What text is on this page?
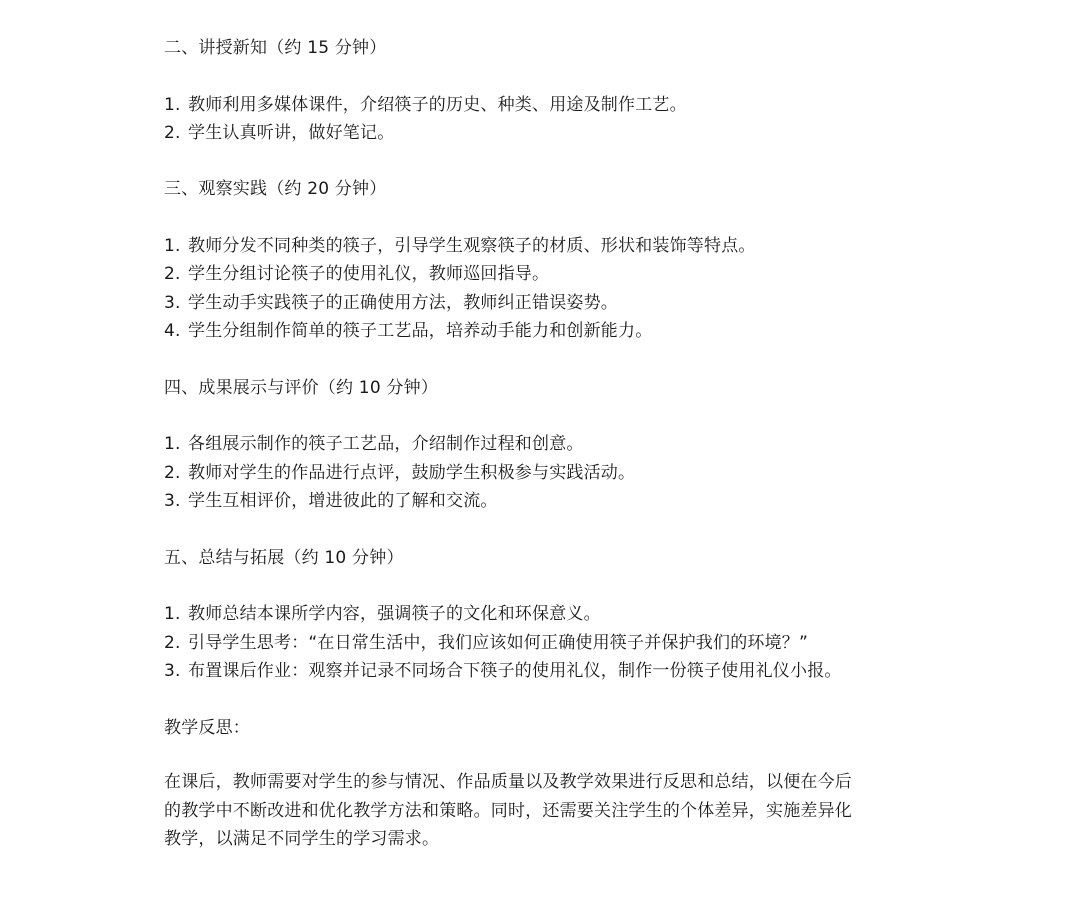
二、讲授新知（约 15 分钟）
1. 教师利用多媒体课件，介绍筷子的历史、种类、用途及制作工艺。
2. 学生认真听讲，做好笔记。
三、观察实践（约 20 分钟）
1. 教师分发不同种类的筷子，引导学生观察筷子的材质、形状和装饰等特点。
2. 学生分组讨论筷子的使用礼仪，教师巡回指导。
3. 学生动手实践筷子的正确使用方法，教师纠正错误姿势。
4. 学生分组制作简单的筷子工艺品，培养动手能力和创新能力。
四、成果展示与评价（约 10 分钟）
1. 各组展示制作的筷子工艺品，介绍制作过程和创意。
2. 教师对学生的作品进行点评，鼓励学生积极参与实践活动。
3. 学生互相评价，增进彼此的了解和交流。
五、总结与拓展（约 10 分钟）
1. 教师总结本课所学内容，强调筷子的文化和环保意义。
2. 引导学生思考：“在日常生活中，我们应该如何正确使用筷子并保护我们的环境？”
3. 布置课后作业：观察并记录不同场合下筷子的使用礼仪，制作一份筷子使用礼仪小报。
教学反思：
在课后，教师需要对学生的参与情况、作品质量以及教学效果进行反思和总结，以便在今后
的教学中不断改进和优化教学方法和策略。同时，还需要关注学生的个体差异，实施差异化
教学，以满足不同学生的学习需求。
